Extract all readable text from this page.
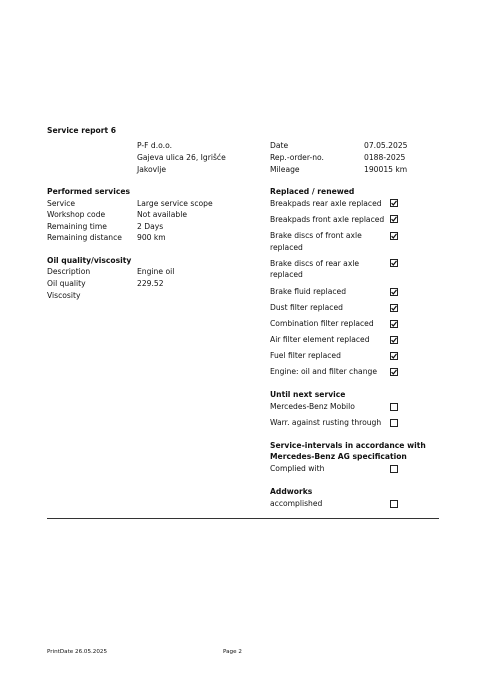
Service report 6
P-F d.o.o.
Gajeva ulica 26, Igrišće
Jakovlje
Date	07.05.2025
Rep.-order-no.	0188-2025
Mileage	190015 km
Performed services
Service	Large service scope
Workshop code	Not available
Remaining time	2 Days
Remaining distance 900 km
Oil quality/viscosity
Description	Engine oil
Oil quality	229.52
Viscosity
Replaced / renewed
Breakpads rear axle replaced
Breakpads front axle replaced
Brake discs of front axle
replaced
Brake discs of rear axle
replaced
Brake fluid replaced
Dust filter replaced
Combination filter replaced
Air filter element replaced
Fuel filter replaced
Engine: oil and filter change
Until next service
Mercedes-Benz Mobilo
Warr. against rusting through
Service-intervals in accordance with
Mercedes-Benz AG specification
Complied with
Addworks
accomplished
PrintDate 26.05.2025	Page 2
